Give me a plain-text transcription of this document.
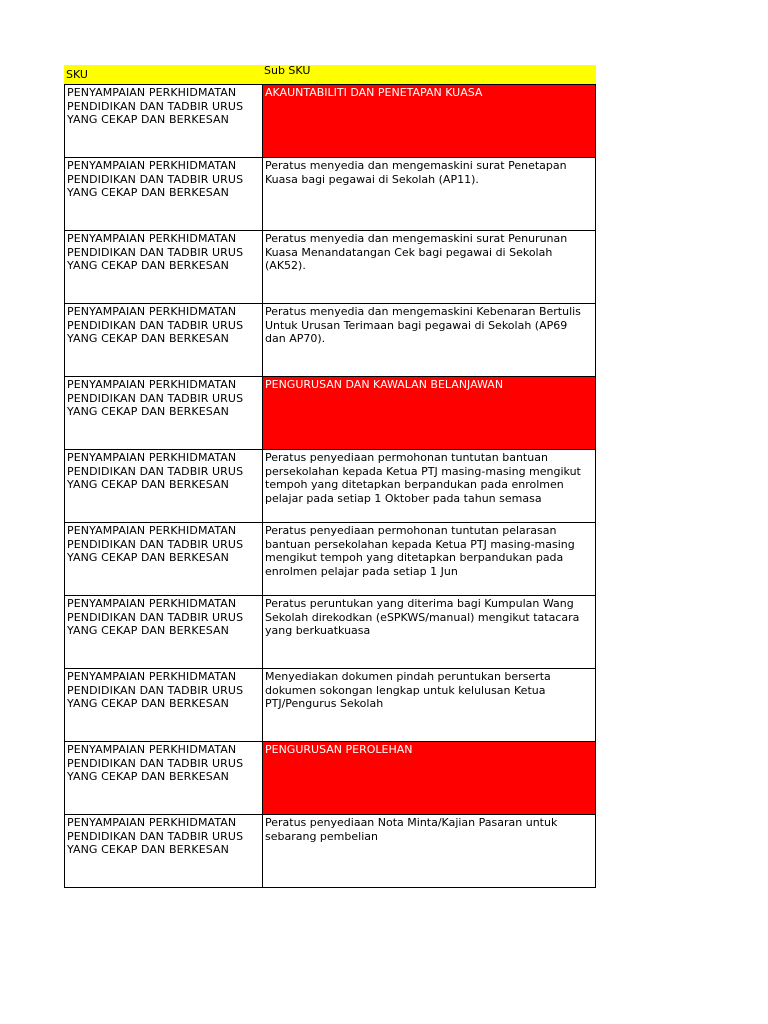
SKU	Sub SKU
PENYAMPAIAN PERKHIDMATAN PENDIDIKAN DAN TADBIR URUS YANG CEKAP DAN BERKESAN
AKAUNTABILITI DAN PENETAPAN KUASA
PENYAMPAIAN PERKHIDMATAN PENDIDIKAN DAN TADBIR URUS YANG CEKAP DAN BERKESAN
Peratus menyedia dan mengemaskini surat Penetapan Kuasa bagi pegawai di Sekolah (AP11).
PENYAMPAIAN PERKHIDMATAN PENDIDIKAN DAN TADBIR URUS YANG CEKAP DAN BERKESAN
Peratus menyedia dan mengemaskini surat Penurunan Kuasa Menandatangan Cek bagi pegawai di Sekolah (AK52).
PENYAMPAIAN PERKHIDMATAN PENDIDIKAN DAN TADBIR URUS YANG CEKAP DAN BERKESAN
Peratus menyedia dan mengemaskini Kebenaran Bertulis Untuk Urusan Terimaan bagi pegawai di Sekolah (AP69 dan AP70).
PENYAMPAIAN PERKHIDMATAN PENDIDIKAN DAN TADBIR URUS YANG CEKAP DAN BERKESAN
PENGURUSAN DAN KAWALAN BELANJAWAN
PENYAMPAIAN PERKHIDMATAN PENDIDIKAN DAN TADBIR URUS YANG CEKAP DAN BERKESAN
Peratus penyediaan permohonan tuntutan bantuan persekolahan kepada Ketua PTJ masing-masing mengikut tempoh yang ditetapkan berpandukan pada enrolmen pelajar pada setiap 1 Oktober pada tahun semasa
PENYAMPAIAN PERKHIDMATAN PENDIDIKAN DAN TADBIR URUS YANG CEKAP DAN BERKESAN
Peratus penyediaan permohonan tuntutan pelarasan bantuan persekolahan kepada Ketua PTJ masing-masing mengikut tempoh yang ditetapkan berpandukan pada enrolmen pelajar pada setiap 1 Jun
PENYAMPAIAN PERKHIDMATAN PENDIDIKAN DAN TADBIR URUS YANG CEKAP DAN BERKESAN
Peratus peruntukan yang diterima bagi Kumpulan Wang Sekolah direkodkan (eSPKWS/manual) mengikut tatacara yang berkuatkuasa
PENYAMPAIAN PERKHIDMATAN PENDIDIKAN DAN TADBIR URUS YANG CEKAP DAN BERKESAN
Menyediakan dokumen pindah peruntukan berserta dokumen sokongan lengkap untuk kelulusan Ketua PTJ/Pengurus Sekolah
PENYAMPAIAN PERKHIDMATAN PENDIDIKAN DAN TADBIR URUS YANG CEKAP DAN BERKESAN
PENGURUSAN PEROLEHAN
PENYAMPAIAN PERKHIDMATAN PENDIDIKAN DAN TADBIR URUS YANG CEKAP DAN BERKESAN
Peratus penyediaan Nota Minta/Kajian Pasaran untuk sebarang pembelian
